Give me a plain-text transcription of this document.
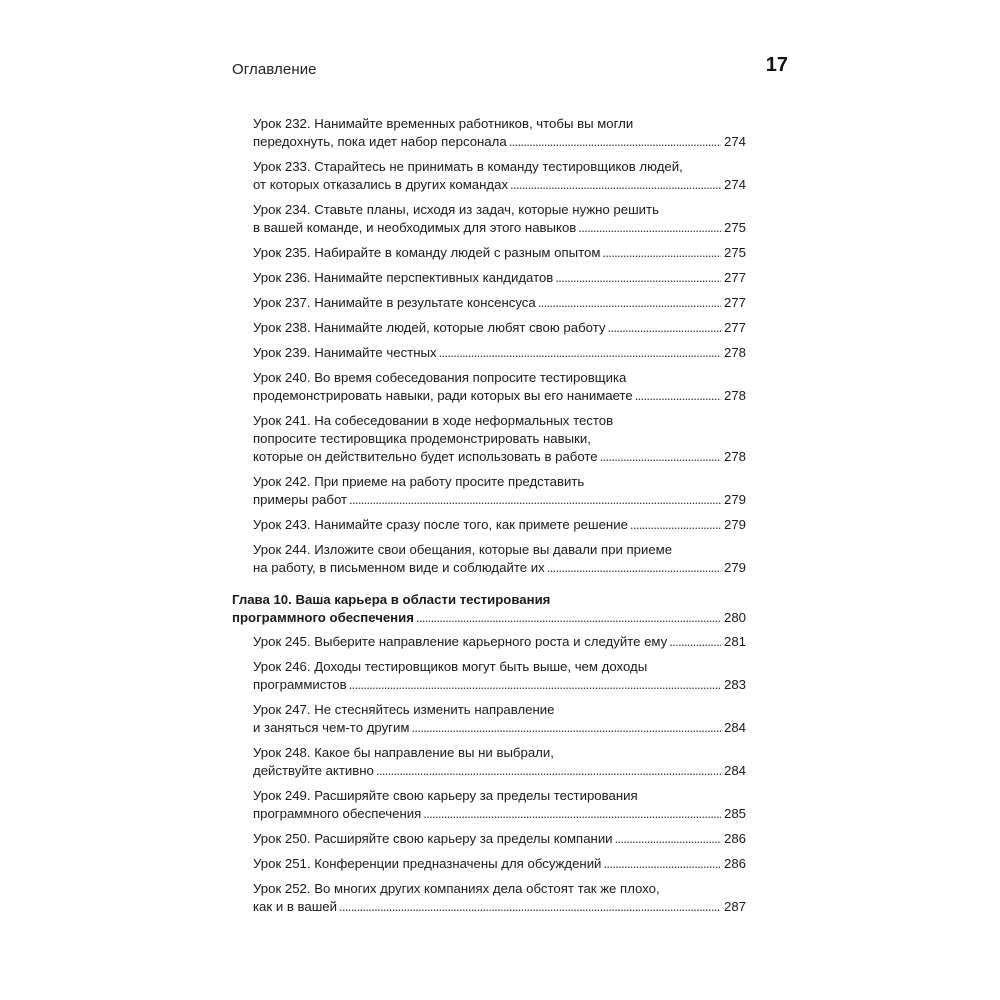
Оглавление	17
Урок 232. Нанимайте временных работников, чтобы вы могли
передохнуть, пока идет набор персонала . . .	274
Урок 233. Старайтесь не принимать в команду тестировщиков людей,
от которых отказались в других командах . . .	274
Урок 234. Ставьте планы, исходя из задач, которые нужно решить
в вашей команде, и необходимых для этого навыков . . .	275
Урок 235. Набирайте в команду людей с разным опытом . . .	275
Урок 236. Нанимайте перспективных кандидатов . . .	277
Урок 237. Нанимайте в результате консенсуса . . .	277
Урок 238. Нанимайте людей, которые любят свою работу . . .	277
Урок 239. Нанимайте честных . . .	278
Урок 240. Во время собеседования попросите тестировщика
продемонстрировать навыки, ради которых вы его нанимаете . . .	278
Урок 241. На собеседовании в ходе неформальных тестов
попросите тестировщика продемонстрировать навыки,
которые он действительно будет использовать в работе . . .	278
Урок 242. При приеме на работу просите представить
примеры работ . . .	279
Урок 243. Нанимайте сразу после того, как примете решение . . .	279
Урок 244. Изложите свои обещания, которые вы давали при приеме
на работу, в письменном виде и соблюдайте их . . .	279
Глава 10. Ваша карьера в области тестирования
программного обеспечения . . .	280
Урок 245. Выберите направление карьерного роста и следуйте ему . . .	281
Урок 246. Доходы тестировщиков могут быть выше, чем доходы
программистов . . .	283
Урок 247. Не стесняйтесь изменить направление
и заняться чем-то другим . . .	284
Урок 248. Какое бы направление вы ни выбрали,
действуйте активно . . .	284
Урок 249. Расширяйте свою карьеру за пределы тестирования
программного обеспечения . . .	285
Урок 250. Расширяйте свою карьеру за пределы компании . . .	286
Урок 251. Конференции предназначены для обсуждений . . .	286
Урок 252. Во многих других компаниях дела обстоят так же плохо,
как и в вашей . . .	287
